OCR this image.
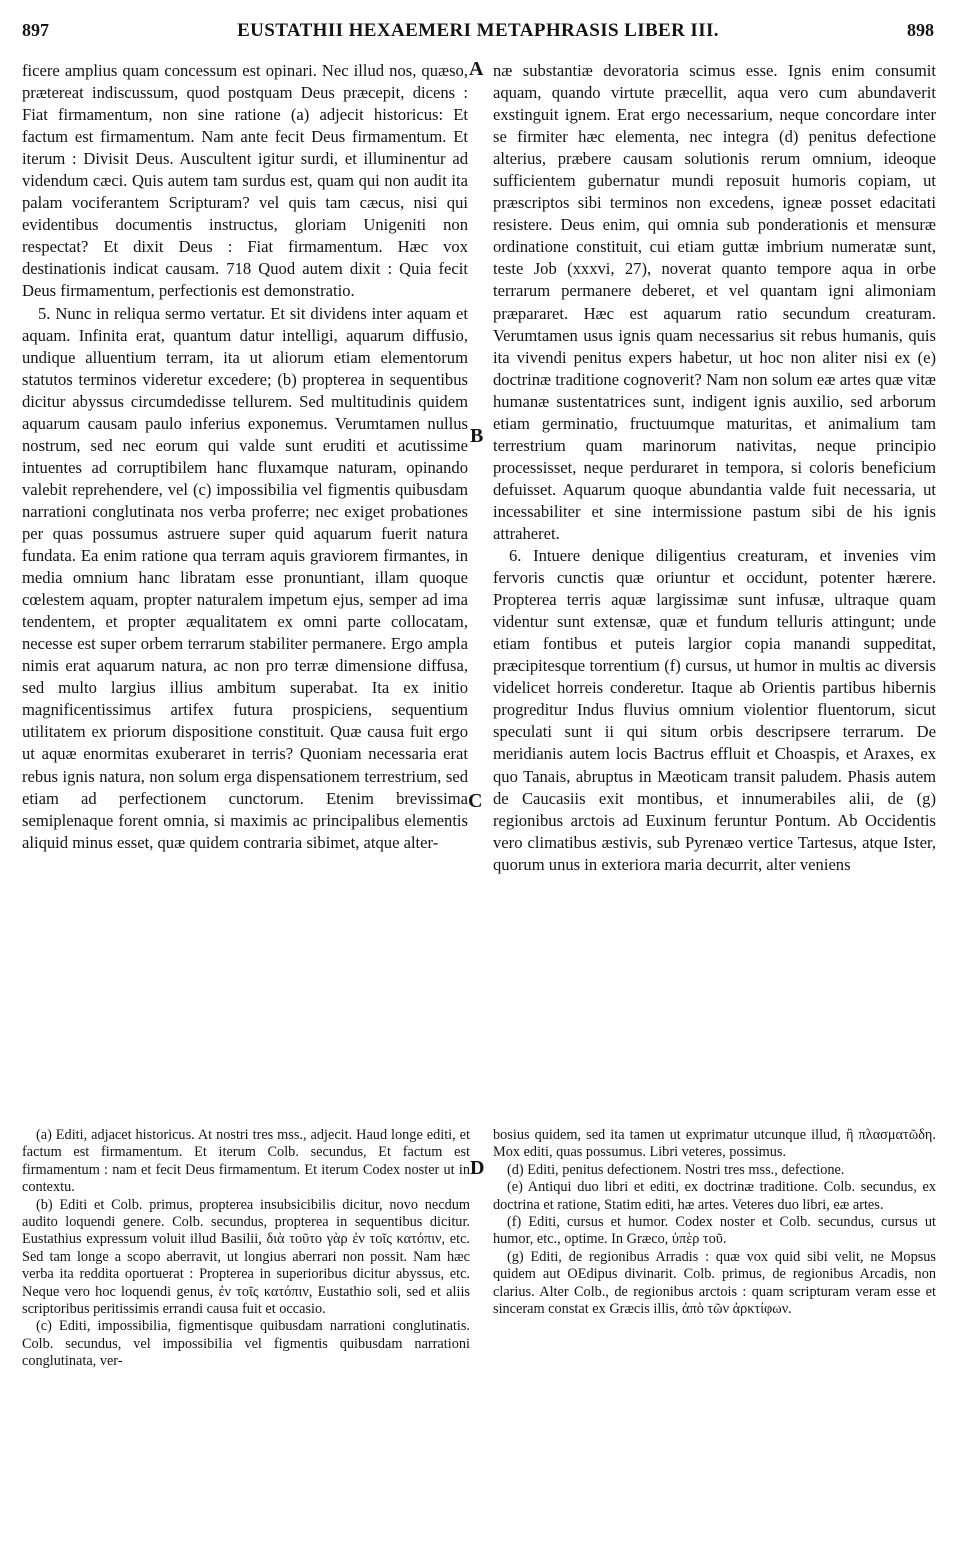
897	EUSTATHII HEXAEMERI METAPHRASIS LIBER III.	898
A
B
C
D

ficere amplius quam concessum est opinari. Nec illud nos, quæso, prætereat indiscussum, quod postquam Deus præcepit, dicens : Fiat firmamentum, non sine ratione (a) adjecit historicus: Et factum est firmamentum. Nam ante fecit Deus firmamentum. Et iterum : Divisit Deus. Auscultent igitur surdi, et illuminentur ad videndum cæci. Quis autem tam surdus est, quam qui non audit ita palam vociferantem Scripturam? vel quis tam cæcus, nisi qui evidentibus documentis instructus, gloriam Unigeniti non respectat? Et dixit Deus : Fiat firmamentum. Hæc vox destinationis indicat causam. 718 Quod autem dixit : Quia fecit Deus firmamentum, perfectionis est demonstratio.

5. Nunc in reliqua sermo vertatur. Et sit dividens inter aquam et aquam. Infinita erat, quantum datur intelligi, aquarum diffusio, undique alluentium terram, ita ut aliorum etiam elementorum statutos terminos videretur excedere; (b) propterea in sequentibus dicitur abyssus circumdedisse tellurem. Sed multitudinis quidem aquarum causam paulo inferius exponemus. Verumtamen nullus nostrum, sed nec eorum qui valde sunt eruditi et acutissime intuentes ad corruptibilem hanc fluxamque naturam, opinando valebit reprehendere, vel (c) impossibilia vel figmentis quibusdam narrationi conglutinata nos verba proferre; nec exiget probationes per quas possumus astruere super quid aquarum fuerit natura fundata. Ea enim ratione qua terram aquis graviorem firmantes, in media omnium hanc libratam esse pronuntiant, illam quoque cœlestem aquam, propter naturalem impetum ejus, semper ad ima tendentem, et propter æqualitatem ex omni parte collocatam, necesse est super orbem terrarum stabiliter permanere. Ergo ampla nimis erat aquarum natura, ac non pro terræ dimensione diffusa, sed multo largius illius ambitum superabat. Ita ex initio magnificentissimus artifex futura prospiciens, sequentium utilitatem ex priorum dispositione constituit. Quæ causa fuit ergo ut aquæ enormitas exuberaret in terris? Quoniam necessaria erat rebus ignis natura, non solum erga dispensationem terrestrium, sed etiam ad perfectionem cunctorum. Etenim brevissima semiplenaque forent omnia, si maximis ac principalibus elementis aliquid minus esset, quæ quidem contraria sibimet, atque alter-

næ substantiæ devoratoria scimus esse. Ignis enim consumit aquam, quando virtute præcellit, aqua vero cum abundaverit exstinguit ignem. Erat ergo necessarium, neque concordare inter se firmiter hæc elementa, nec integra (d) penitus defectione alterius, præbere causam solutionis rerum omnium, ideoque sufficientem gubernatur mundi reposuit humoris copiam, ut præscriptos sibi terminos non excedens, igneæ posset edacitati resistere. Deus enim, qui omnia sub ponderationis et mensuræ ordinatione constituit, cui etiam guttæ imbrium numeratæ sunt, teste Job (xxxvi, 27), noverat quanto tempore aqua in orbe terrarum permanere deberet, et vel quantam igni alimoniam præpararet. Hæc est aquarum ratio secundum creaturam. Verumtamen usus ignis quam necessarius sit rebus humanis, quis ita vivendi penitus expers habetur, ut hoc non aliter nisi ex (e) doctrinæ traditione cognoverit? Nam non solum eæ artes quæ vitæ humanæ sustentatrices sunt, indigent ignis auxilio, sed arborum etiam germinatio, fructuumque maturitas, et animalium tam terrestrium quam marinorum nativitas, neque principio processisset, neque perduraret in tempora, si coloris beneficium defuisset. Aquarum quoque abundantia valde fuit necessaria, ut incessabiliter et sine intermissione pastum sibi de his ignis attraheret.

6. Intuere denique diligentius creaturam, et invenies vim fervoris cunctis quæ oriuntur et occidunt, potenter hærere. Propterea terris aquæ largissimæ sunt infusæ, ultraque quam videntur sunt extensæ, quæ et fundum telluris attingunt; unde etiam fontibus et puteis largior copia manandi suppeditat, præcipitesque torrentium (f) cursus, ut humor in multis ac diversis videlicet horreis conderetur. Itaque ab Orientis partibus hibernis progreditur Indus fluvius omnium violentior fluentorum, sicut speculati sunt ii qui situm orbis descripsere terrarum. De meridianis autem locis Bactrus effluit et Choaspis, et Araxes, ex quo Tanais, abruptus in Mæoticam transit paludem. Phasis autem de Caucasiis exit montibus, et innumerabiles alii, de (g) regionibus arctois ad Euxinum feruntur Pontum. Ab Occidentis vero climatibus æstivis, sub Pyrenæo vertice Tartesus, atque Ister, quorum unus in exteriora maria decurrit, alter veniens

(a) Editi, adjacet historicus. At nostri tres mss., adjecit. Haud longe editi, et factum est firmamentum. Et iterum Colb. secundus, Et factum est firmamentum : nam et fecit Deus firmamentum. Et iterum Codex noster ut in contextu.

(b) Editi et Colb. primus, propterea insubsicibilis dicitur, novo necdum audito loquendi genere. Colb. secundus, propterea in sequentibus dicitur. Eustathius expressum voluit illud Basilii, διὰ τοῦτο γὰρ ἐν τοῖς κατόπιν, etc. Sed tam longe a scopo aberravit, ut longius aberrari non possit. Nam hæc verba ita reddita oportuerat : Propterea in superioribus dicitur abyssus, etc. Neque vero hoc loquendi genus, ἐν τοῖς κατόπιν, Eustathio soli, sed et aliis scriptoribus peritissimis errandi causa fuit et occasio.

(c) Editi, impossibilia, figmentisque quibusdam narrationi conglutinatis. Colb. secundus, vel impossibilia vel figmentis quibusdam narrationi conglutinata, ver-

bosius quidem, sed ita tamen ut exprimatur utcunque illud, ἢ πλασματῶδη. Mox editi, quas possumus. Libri veteres, possimus.

(d) Editi, penitus defectionem. Nostri tres mss., defectione.

(e) Antiqui duo libri et editi, ex doctrinæ traditione. Colb. secundus, ex doctrina et ratione, Statim editi, hæ artes. Veteres duo libri, eæ artes.

(f) Editi, cursus et humor. Codex noster et Colb. secundus, cursus ut humor, etc., optime. In Græco, ὑπὲρ τοῦ.

(g) Editi, de regionibus Arradis : quæ vox quid sibi velit, ne Mopsus quidem aut OEdipus divinarit. Colb. primus, de regionibus Arcadis, non clarius. Alter Colb., de regionibus arctois : quam scripturam veram esse et sinceram constat ex Græcis illis, ἀπὸ τῶν ἀρκτίφων.
